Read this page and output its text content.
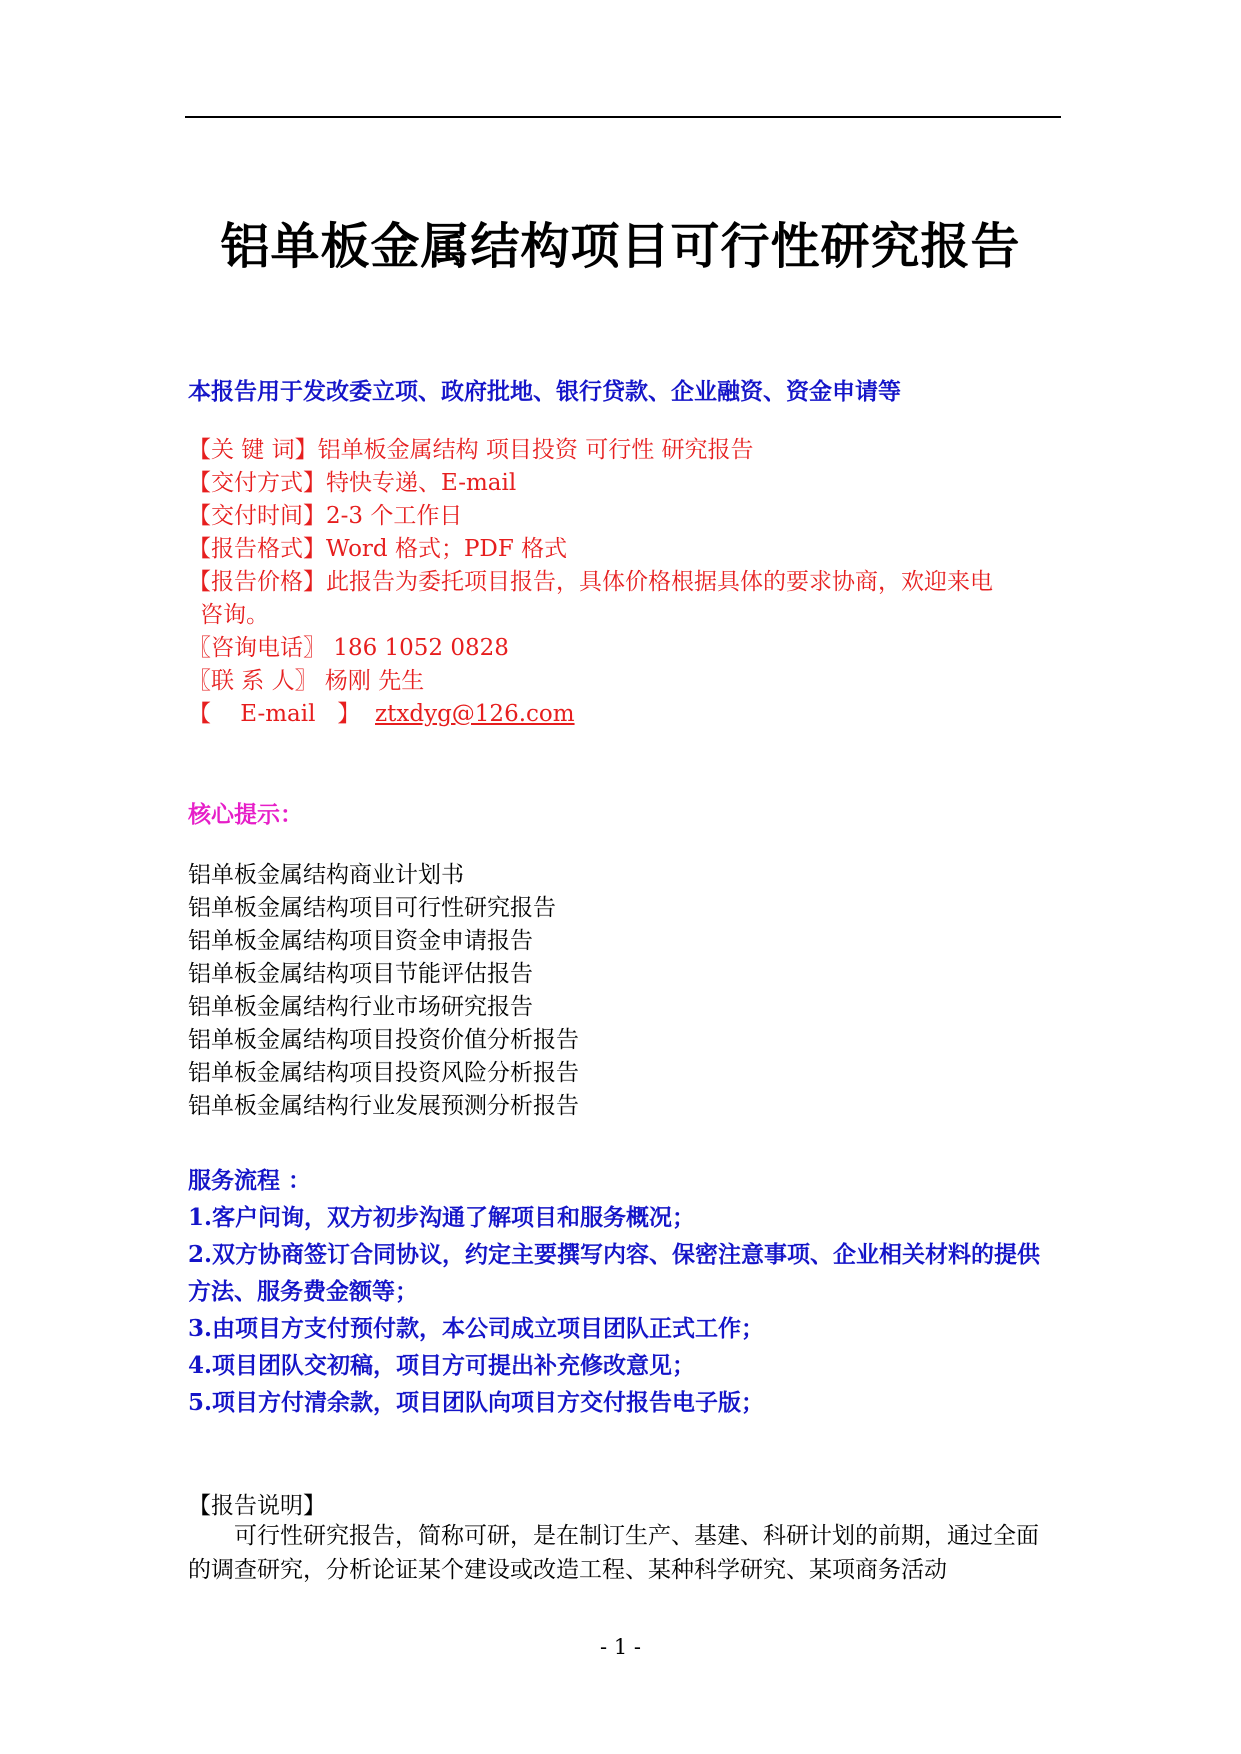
铝单板金属结构项目可行性研究报告
本报告用于发改委立项、政府批地、银行贷款、企业融资、资金申请等
【关 键 词】铝单板金属结构 项目投资 可行性 研究报告
【交付方式】特快专递、E-mail
【交付时间】2-3 个工作日
【报告格式】Word 格式；PDF 格式
【报告价格】此报告为委托项目报告，具体价格根据具体的要求协商，欢迎来电
咨询。
〖咨询电话〗 186 1052 0828
〖联 系 人〗 杨刚 先生
【    E-mail   】  ztxdyg@126.com
核心提示：
铝单板金属结构商业计划书
铝单板金属结构项目可行性研究报告
铝单板金属结构项目资金申请报告
铝单板金属结构项目节能评估报告
铝单板金属结构行业市场研究报告
铝单板金属结构项目投资价值分析报告
铝单板金属结构项目投资风险分析报告
铝单板金属结构行业发展预测分析报告
服务流程 ：
1.客户问询，双方初步沟通了解项目和服务概况；
2.双方协商签订合同协议，约定主要撰写内容、保密注意事项、企业相关材料的提供方法、服务费金额等；
3.由项目方支付预付款，本公司成立项目团队正式工作；
4.项目团队交初稿，项目方可提出补充修改意见；
5.项目方付清余款，项目团队向项目方交付报告电子版；
【报告说明】
可行性研究报告，简称可研，是在制订生产、基建、科研计划的前期，通过全面的调查研究，分析论证某个建设或改造工程、某种科学研究、某项商务活动
- 1 -
